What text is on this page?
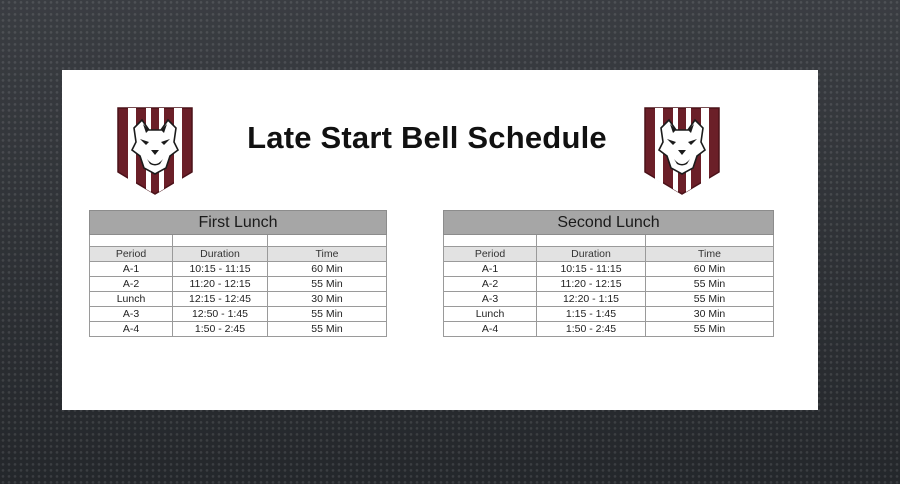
Late Start Bell Schedule
First Lunch		

Period	Duration	Time
A-1	10:15 - 11:15	60 Min
A-2	11:20 - 12:15	55 Min
Lunch	12:15 - 12:45	30 Min
A-3	12:50 - 1:45	55 Min
A-4	1:50 - 2:45	55 Min
Second Lunch		

Period	Duration	Time
A-1	10:15 - 11:15	60 Min
A-2	11:20 - 12:15	55 Min
A-3	12:20 - 1:15	55 Min
Lunch	1:15 - 1:45	30 Min
A-4	1:50 - 2:45	55 Min
